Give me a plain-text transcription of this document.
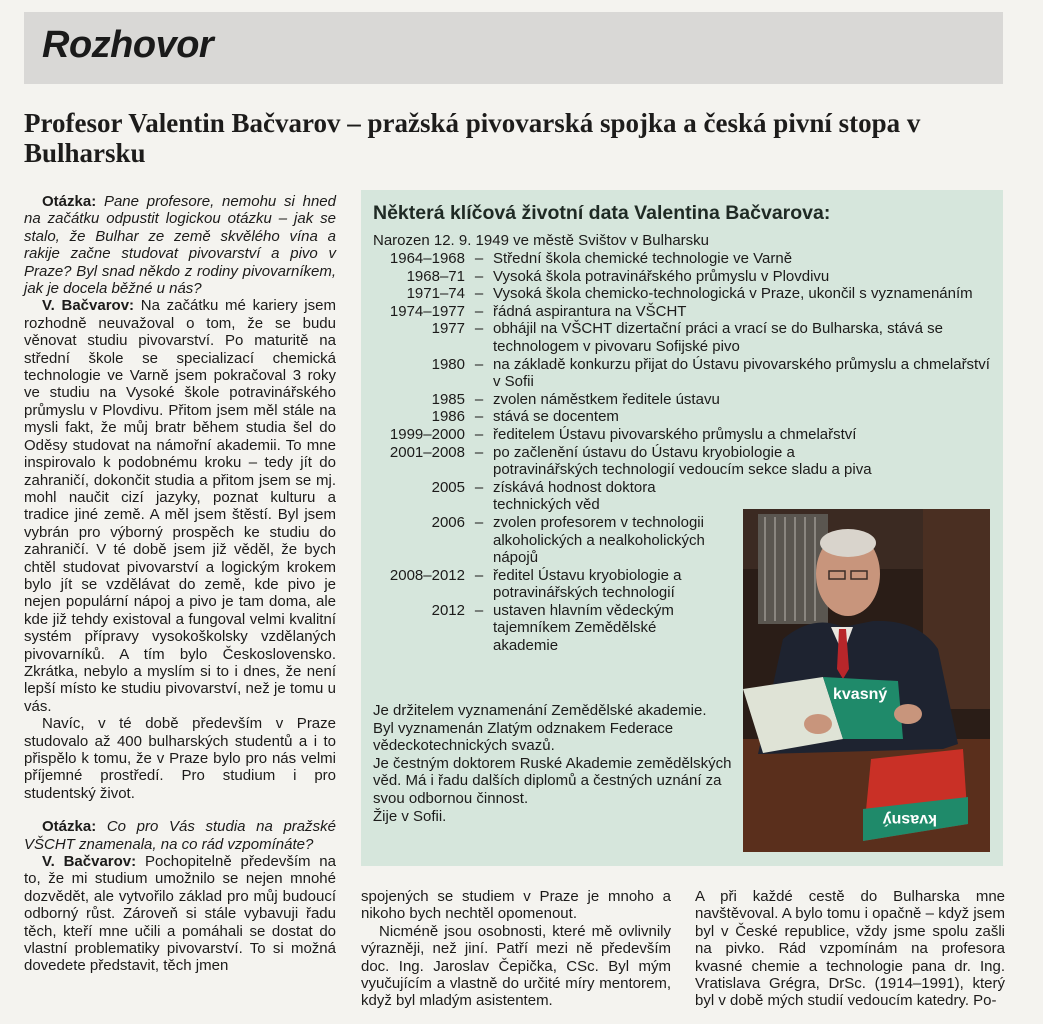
Rozhovor
Profesor Valentin Bačvarov – pražská pivovarská spojka a česká pivní stopa v Bulharsku

Otázka: Pane profesore, nemohu si hned na začátku odpustit logickou otázku – jak se stalo, že Bulhar ze země skvělého vína a rakije začne studovat pivovarství a pivo v Praze? Byl snad někdo z rodiny pivovarníkem, jak je docela běžné u nás?

V. Bačvarov: Na začátku mé kariery jsem rozhodně neuvažoval o tom, že se budu věnovat studiu pivovarství. Po maturitě na střední škole se specializací chemická technologie ve Varně jsem pokračoval 3 roky ve studiu na Vysoké škole potravinářského průmyslu v Plovdivu. Přitom jsem měl stále na mysli fakt, že můj bratr během studia šel do Oděsy studovat na námořní akademii. To mne inspirovalo k podobnému kroku – tedy jít do zahraničí, dokončit studia a přitom jsem se mj. mohl naučit cizí jazyky, poznat kulturu a tradice jiné země. A měl jsem štěstí. Byl jsem vybrán pro výborný prospěch ke studiu do zahraničí. V té době jsem již věděl, že bych chtěl studovat pivovarství a logickým krokem bylo jít se vzdělávat do země, kde pivo je nejen populární nápoj a pivo je tam doma, ale kde již tehdy existoval a fungoval velmi kvalitní systém přípravy vysokoškolsky vzdělaných pivovarníků. A tím bylo Československo. Zkrátka, nebylo a myslím si to i dnes, že není lepší místo ke studiu pivovarství, než je tomu u vás.

Navíc, v té době především v Praze studovalo až 400 bulharských studentů a i to přispělo k tomu, že v Praze bylo pro nás velmi příjemné prostředí. Pro studium i pro studentský život.

Otázka: Co pro Vás studia na pražské VŠCHT znamenala, na co rád vzpomínáte?

V. Bačvarov: Pochopitelně především na to, že mi studium umožnilo se nejen mnohé dozvědět, ale vytvořilo základ pro můj budoucí odborný růst. Zároveň si stále vybavuji řadu těch, kteří mne učili a pomáhali se dostat do vlastní problematiky pivovarství. To si možná dovedete představit, těch jmen

spojených se studiem v Praze je mnoho a nikoho bych nechtěl opomenout.

Nicméně jsou osobnosti, které mě ovlivnily výrazněji, než jiní. Patří mezi ně především doc. Ing. Jaroslav Čepička, CSc. Byl mým vyučujícím a vlastně do určité míry mentorem, když byl mladým asistentem.

A při každé cestě do Bulharska mne navštěvoval. A bylo tomu i opačně – když jsem byl v České republice, vždy jsme spolu zašli na pivko. Rád vzpomínám na profesora kvasné chemie a technologie pana dr. Ing. Vratislava Grégra, DrSc. (1914–1991), který byl v době mých studií vedoucím katedry. Po-

Některá klíčová životní data Valentina Bačvarova:
Narozen 12. 9. 1949 ve městě Svištov v Bulharsku
1964–1968 – Střední škola chemické technologie ve Varně
1968–71 – Vysoká škola potravinářského průmyslu v Plovdivu
1971–74 – Vysoká škola chemicko-technologická v Praze, ukončil s vyznamenáním
1974–1977 – řádná aspirantura na VŠCHT
1977 – obhájil na VŠCHT dizertační práci a vrací se do Bulharska, stává se technologem v pivovaru Sofijské pivo
1980 – na základě konkurzu přijat do Ústavu pivovarského průmyslu a chmelařství v Sofii
1985 – zvolen náměstkem ředitele ústavu
1986 – stává se docentem
1999–2000 – ředitelem Ústavu pivovarského průmyslu a chmelařství
2001–2008 – po začlenění ústavu do Ústavu kryobiologie a potravinářských technologií vedoucím sekce sladu a piva
2005 – získává hodnost doktora technických věd
2006 – zvolen profesorem v technologii alkoholických a nealkoholických nápojů
2008–2012 – ředitel Ústavu kryobiologie a potravinářských technologií
2012 – ustaven hlavním vědeckým tajemníkem Zemědělské akademie
Je držitelem vyznamenání Zemědělské akademie.
Byl vyznamenán Zlatým odznakem Federace vědeckotechnických svazů.
Je čestným doktorem Ruské Akademie zemědělských věd. Má i řadu dalších diplomů a čestných uznání za svou odbornou činnost.
Žije v Sofii.
kvasný
kvasný
